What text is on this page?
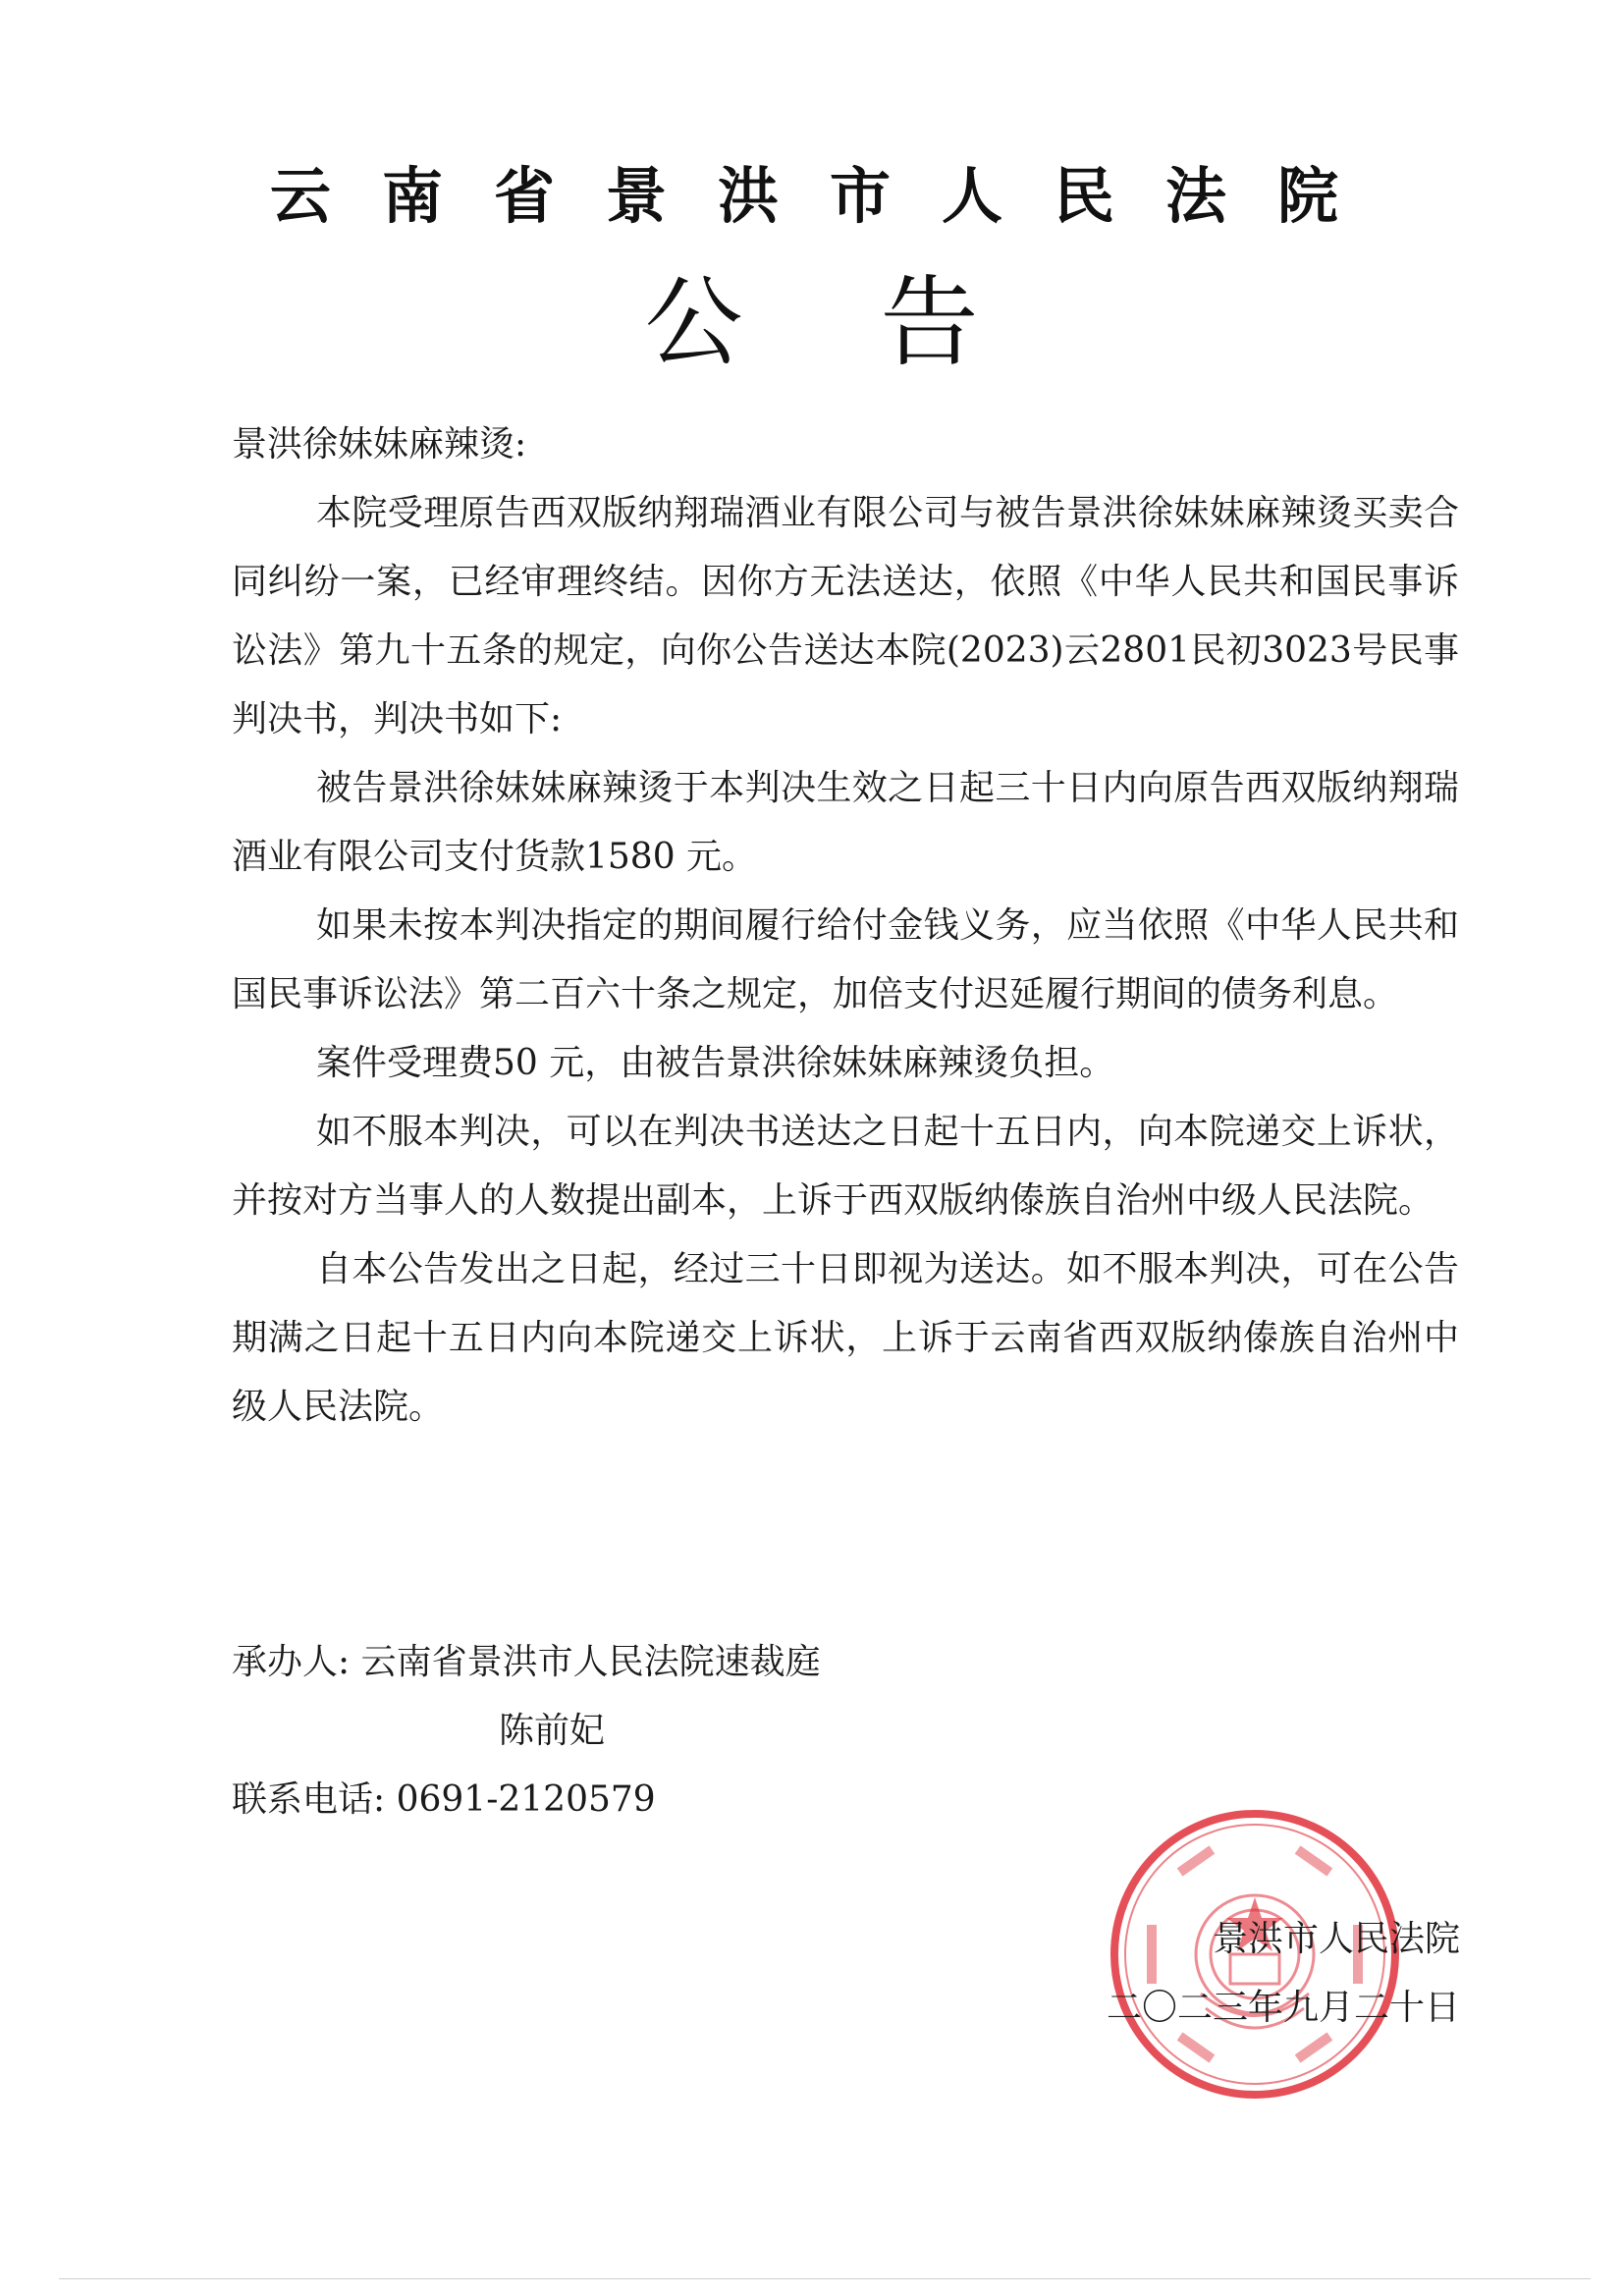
云南省景洪市人民法院
公告

景洪徐妹妹麻辣烫:

本院受理原告西双版纳翔瑞酒业有限公司与被告景洪徐妹妹麻辣烫买卖合同纠纷一案，已经审理终结。因你方无法送达，依照《中华人民共和国民事诉讼法》第九十五条的规定，向你公告送达本院(2023)云2801民初3023号民事判决书，判决书如下:

被告景洪徐妹妹麻辣烫于本判决生效之日起三十日内向原告西双版纳翔瑞酒业有限公司支付货款1580 元。

如果未按本判决指定的期间履行给付金钱义务，应当依照《中华人民共和国民事诉讼法》第二百六十条之规定，加倍支付迟延履行期间的债务利息。

案件受理费50 元，由被告景洪徐妹妹麻辣烫负担。

如不服本判决，可以在判决书送达之日起十五日内，向本院递交上诉状，并按对方当事人的人数提出副本，上诉于西双版纳傣族自治州中级人民法院。

自本公告发出之日起，经过三十日即视为送达。如不服本判决，可在公告期满之日起十五日内向本院递交上诉状，上诉于云南省西双版纳傣族自治州中级人民法院。

承办人: 云南省景洪市人民法院速裁庭
陈前妃
联系电话: 0691-2120579
景洪市人民法院
二〇二三年九月二十日
